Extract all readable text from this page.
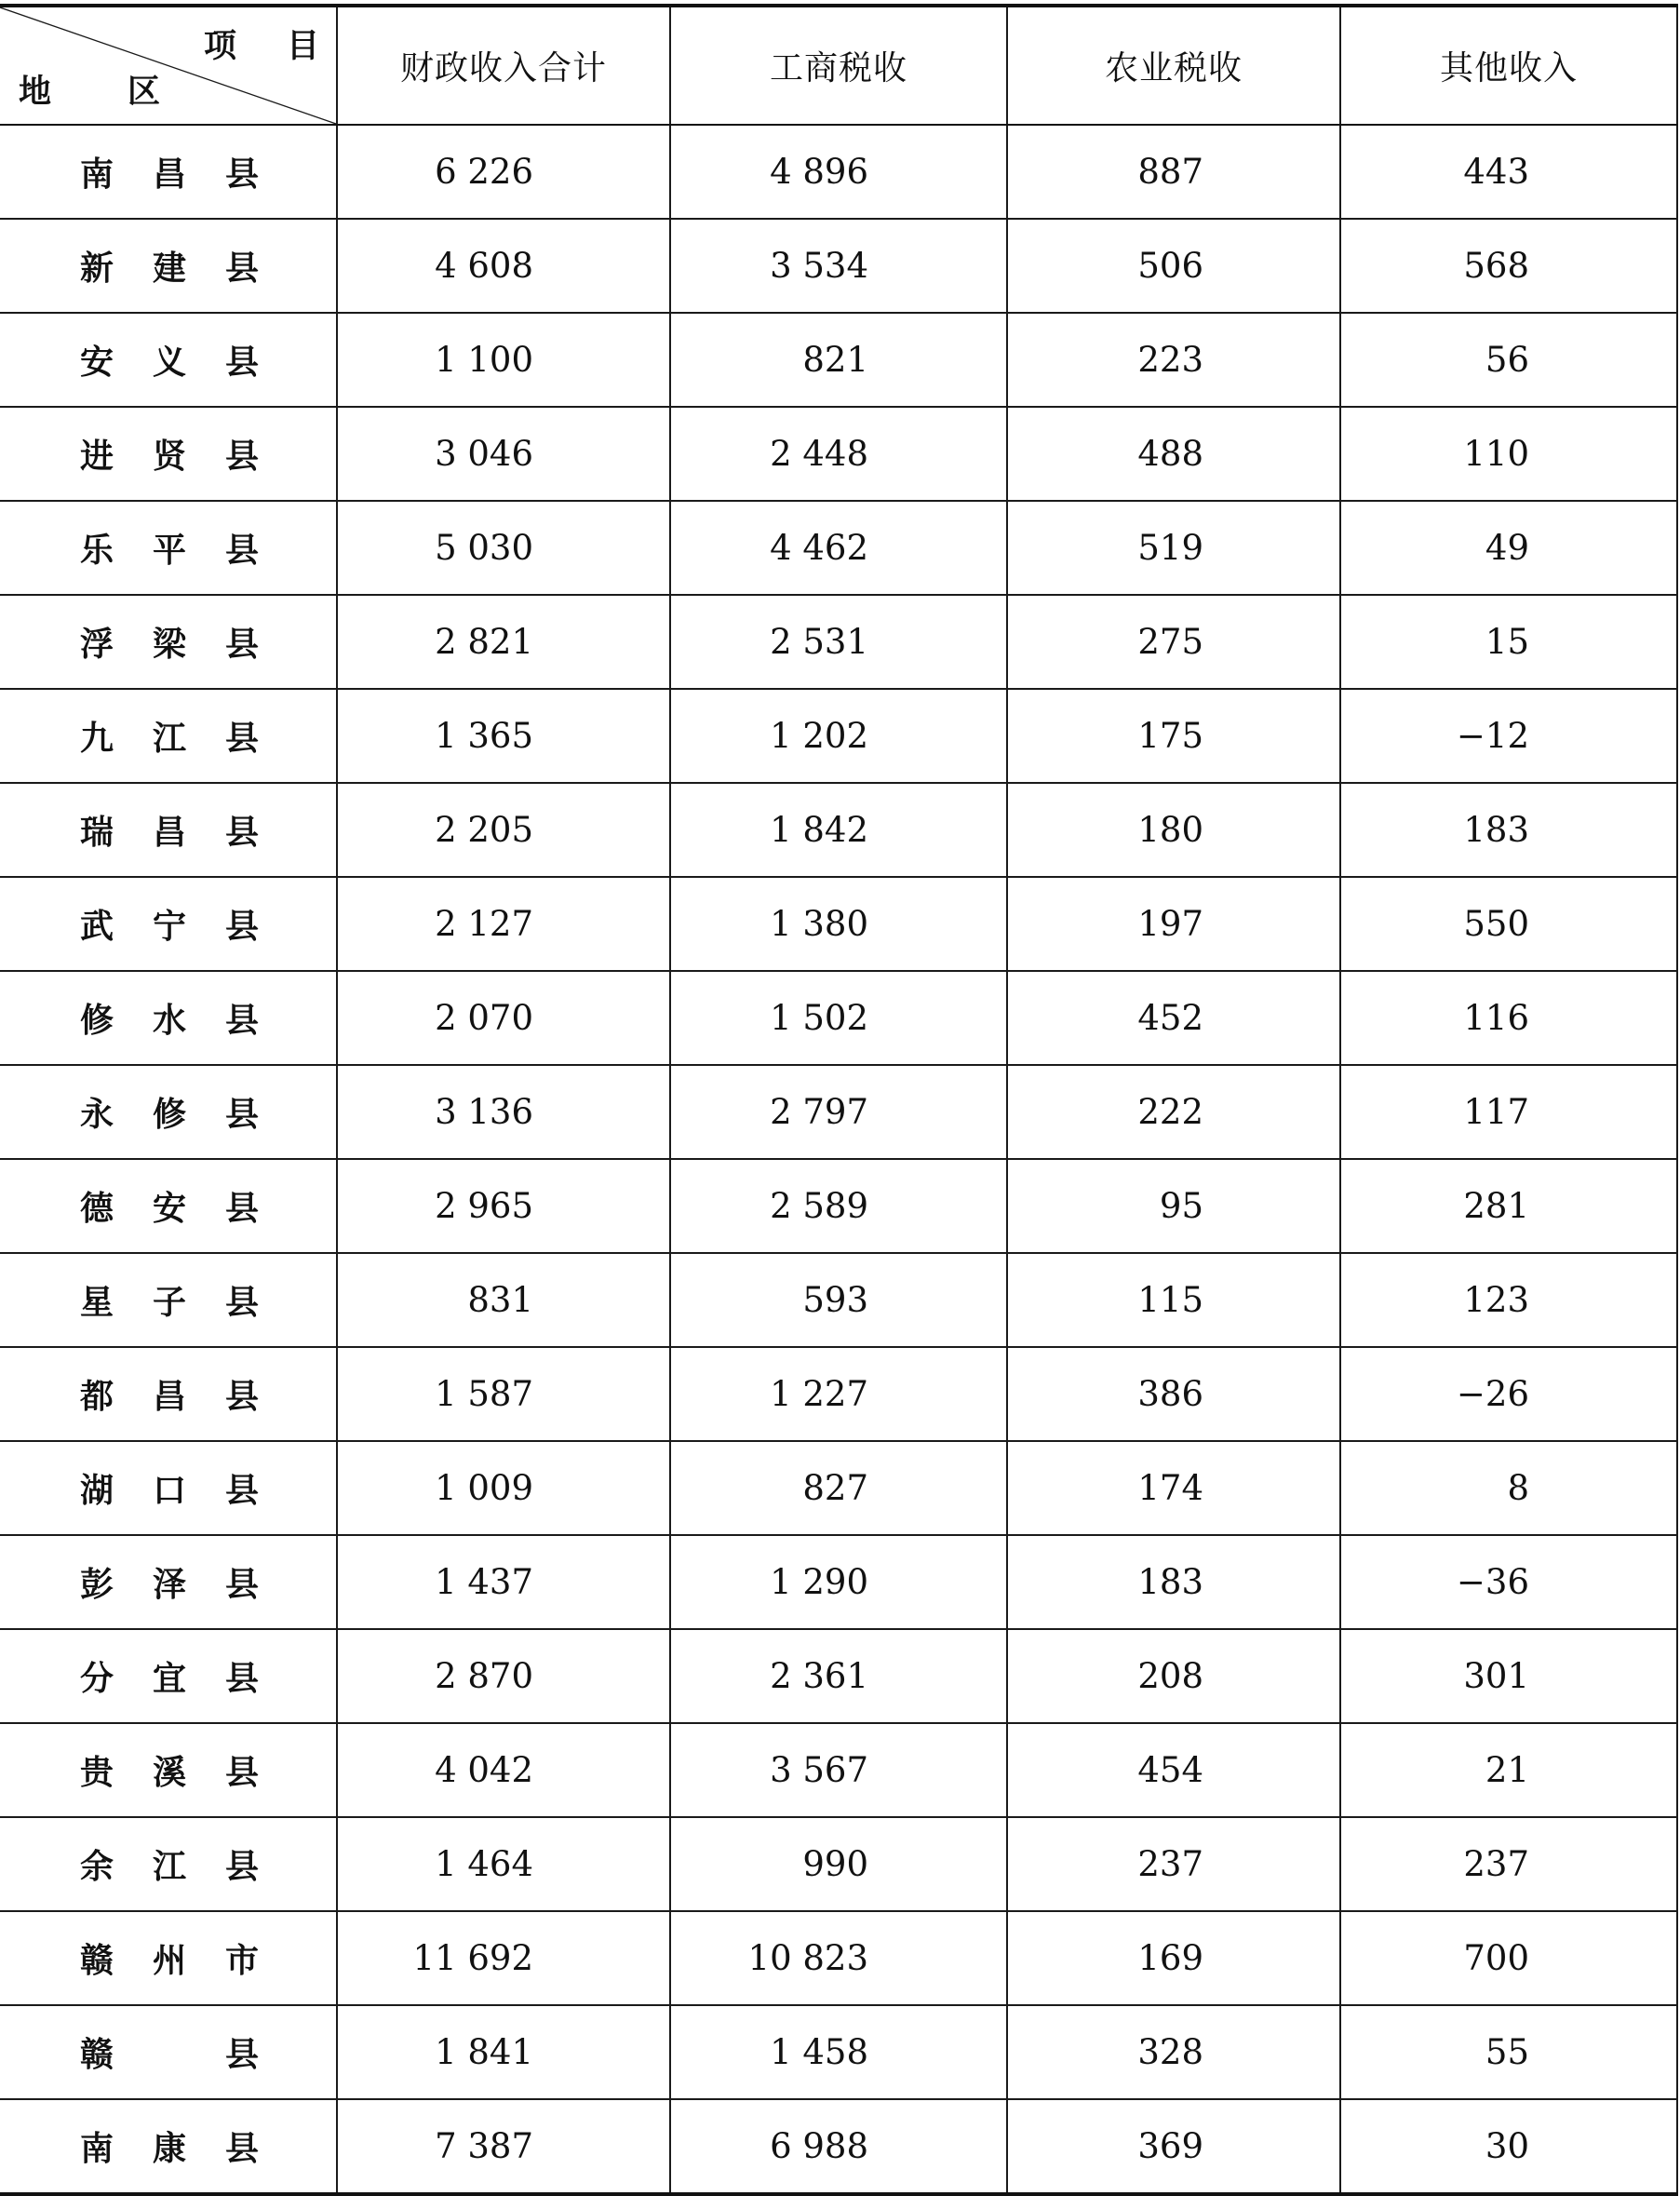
项目
地区	财政收入合计	工商税收	农业税收	其他收入
南昌县	6 226	4 896	887	443
新建县	4 608	3 534	506	568
安义县	1 100	821	223	56
进贤县	3 046	2 448	488	110
乐平县	5 030	4 462	519	49
浮梁县	2 821	2 531	275	15
九江县	1 365	1 202	175	−12
瑞昌县	2 205	1 842	180	183
武宁县	2 127	1 380	197	550
修水县	2 070	1 502	452	116
永修县	3 136	2 797	222	117
德安县	2 965	2 589	95	281
星子县	831	593	115	123
都昌县	1 587	1 227	386	−26
湖口县	1 009	827	174	8
彭泽县	1 437	1 290	183	−36
分宜县	2 870	2 361	208	301
贵溪县	4 042	3 567	454	21
余江县	1 464	990	237	237
赣州市	11 692	10 823	169	700
赣　县	1 841	1 458	328	55
南康县	7 387	6 988	369	30
